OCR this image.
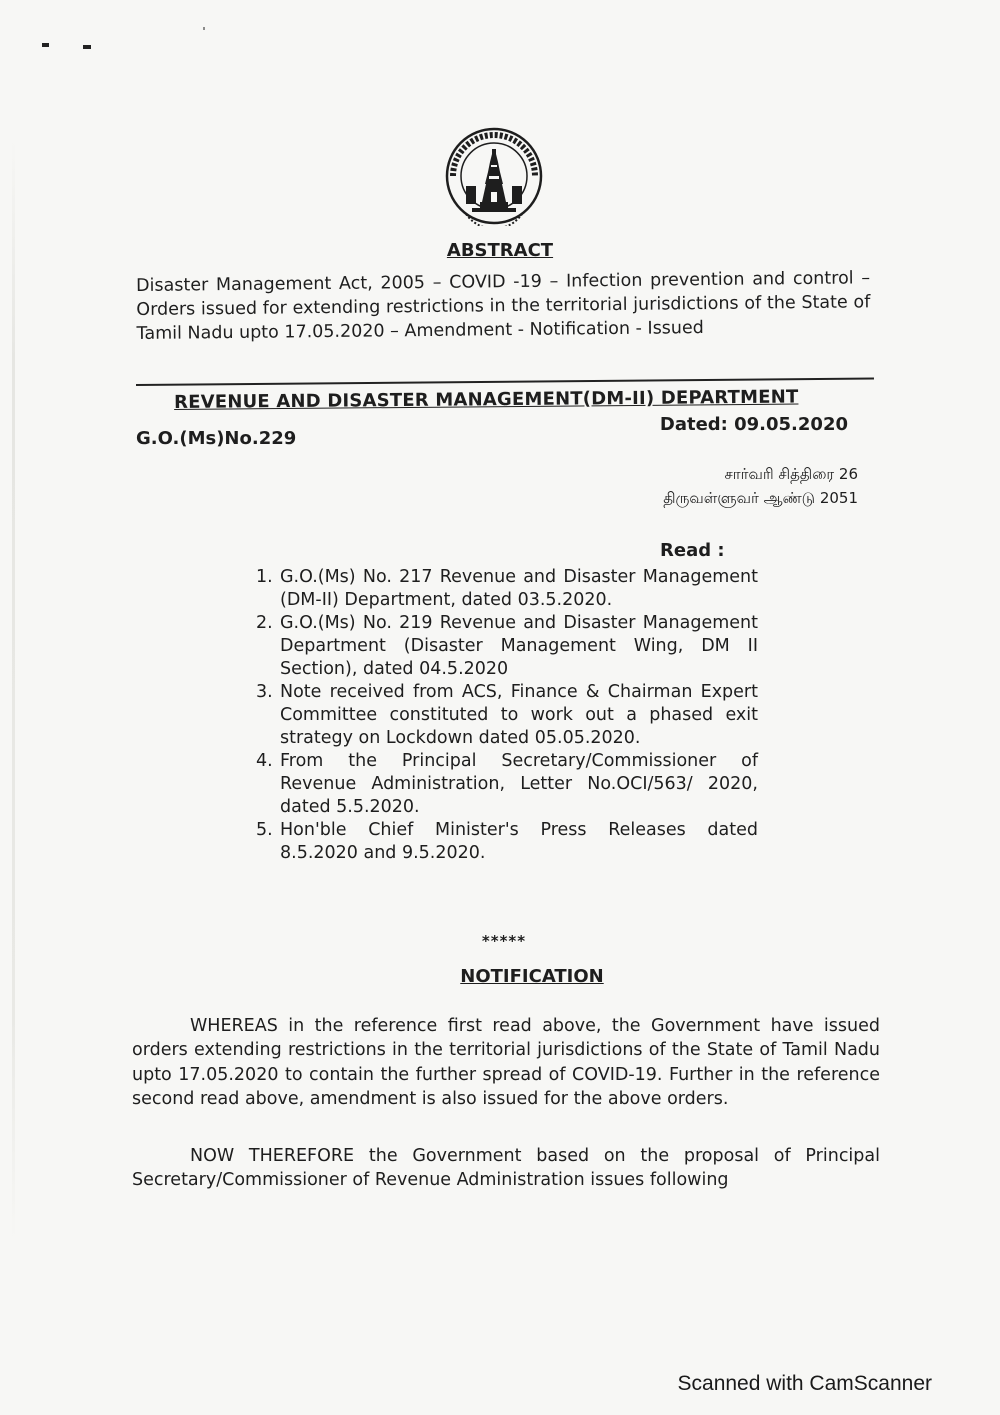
ABSTRACT
Disaster Management Act, 2005 – COVID -19 – Infection prevention and control – Orders issued for extending restrictions in the territorial jurisdictions of the State of Tamil Nadu upto 17.05.2020 – Amendment - Notification - Issued
REVENUE AND DISASTER MANAGEMENT(DM-II) DEPARTMENT
G.O.(Ms)No.229
Dated: 09.05.2020
சார்வரி சித்திரை 26
திருவள்ளுவர் ஆண்டு 2051
Read :
1. G.O.(Ms) No. 217 Revenue and Disaster Management (DM-II) Department, dated 03.5.2020.
2. G.O.(Ms) No. 219 Revenue and Disaster Management Department (Disaster Management Wing, DM II Section), dated 04.5.2020
3. Note received from ACS, Finance & Chairman Expert Committee constituted to work out a phased exit strategy on Lockdown dated 05.05.2020.
4. From the Principal Secretary/Commissioner of Revenue Administration, Letter No.OCI/563/ 2020, dated 5.5.2020.
5. Hon'ble Chief Minister's Press Releases dated 8.5.2020 and 9.5.2020.
*****
NOTIFICATION
WHEREAS in the reference first read above, the Government have issued orders extending restrictions in the territorial jurisdictions of the State of Tamil Nadu upto 17.05.2020 to contain the further spread of COVID-19. Further in the reference second read above, amendment is also issued for the above orders.
NOW THEREFORE the Government based on the proposal of Principal Secretary/Commissioner of Revenue Administration issues following
Scanned with CamScanner
